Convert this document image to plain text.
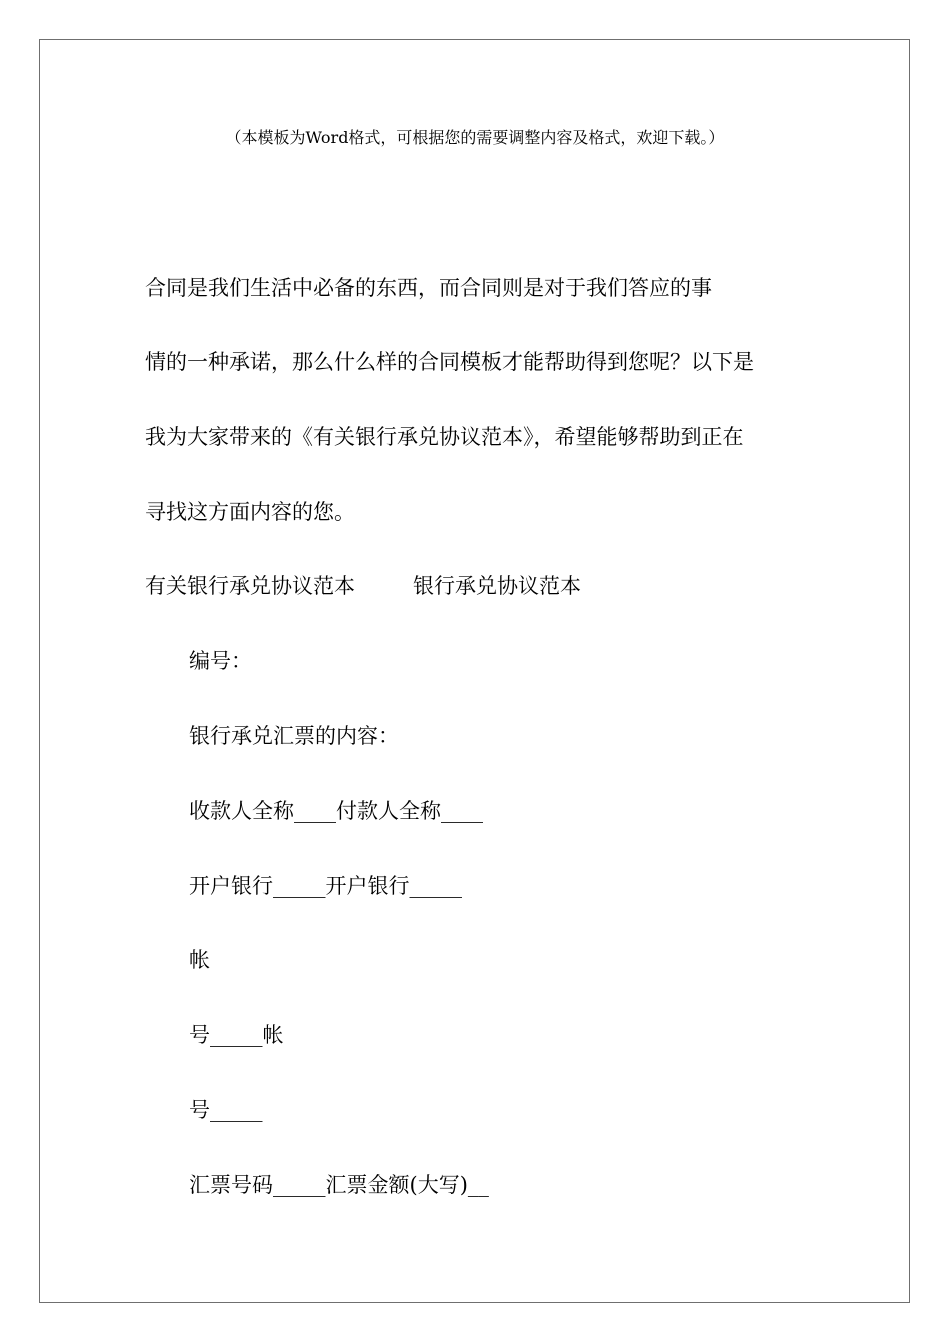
（本模板为Word格式，可根据您的需要调整内容及格式，欢迎下载。）
合同是我们生活中必备的东西，而合同则是对于我们答应的事
情的一种承诺，那么什么样的合同模板才能帮助得到您呢？以下是
我为大家带来的《有关银行承兑协议范本》，希望能够帮助到正在
寻找这方面内容的您。
有关银行承兑协议范本	银行承兑协议范本
编号：
银行承兑汇票的内容：
收款人全称____付款人全称____
开户银行_____开户银行_____
帐
号_____帐
号_____
汇票号码_____汇票金额(大写)__
